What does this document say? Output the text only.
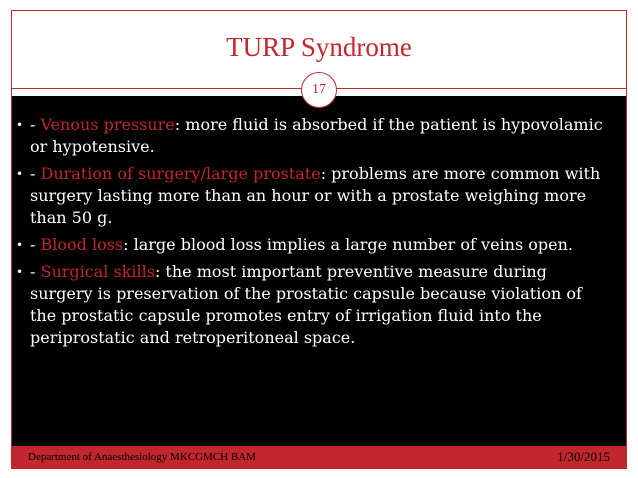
TURP Syndrome
17
• - Venous pressure: more fluid is absorbed if the patient is hypovolamic or hypotensive.
• - Duration of surgery/large prostate: problems are more common with surgery lasting more than an hour or with a prostate weighing more than 50 g.
• - Blood loss: large blood loss implies a large number of veins open.
• - Surgical skills: the most important preventive measure during surgery is preservation of the prostatic capsule because violation of the prostatic capsule promotes entry of irrigation fluid into the periprostatic and retroperitoneal space.
Department of Anaesthesiology MKCGMCH BAM	1/30/2015
